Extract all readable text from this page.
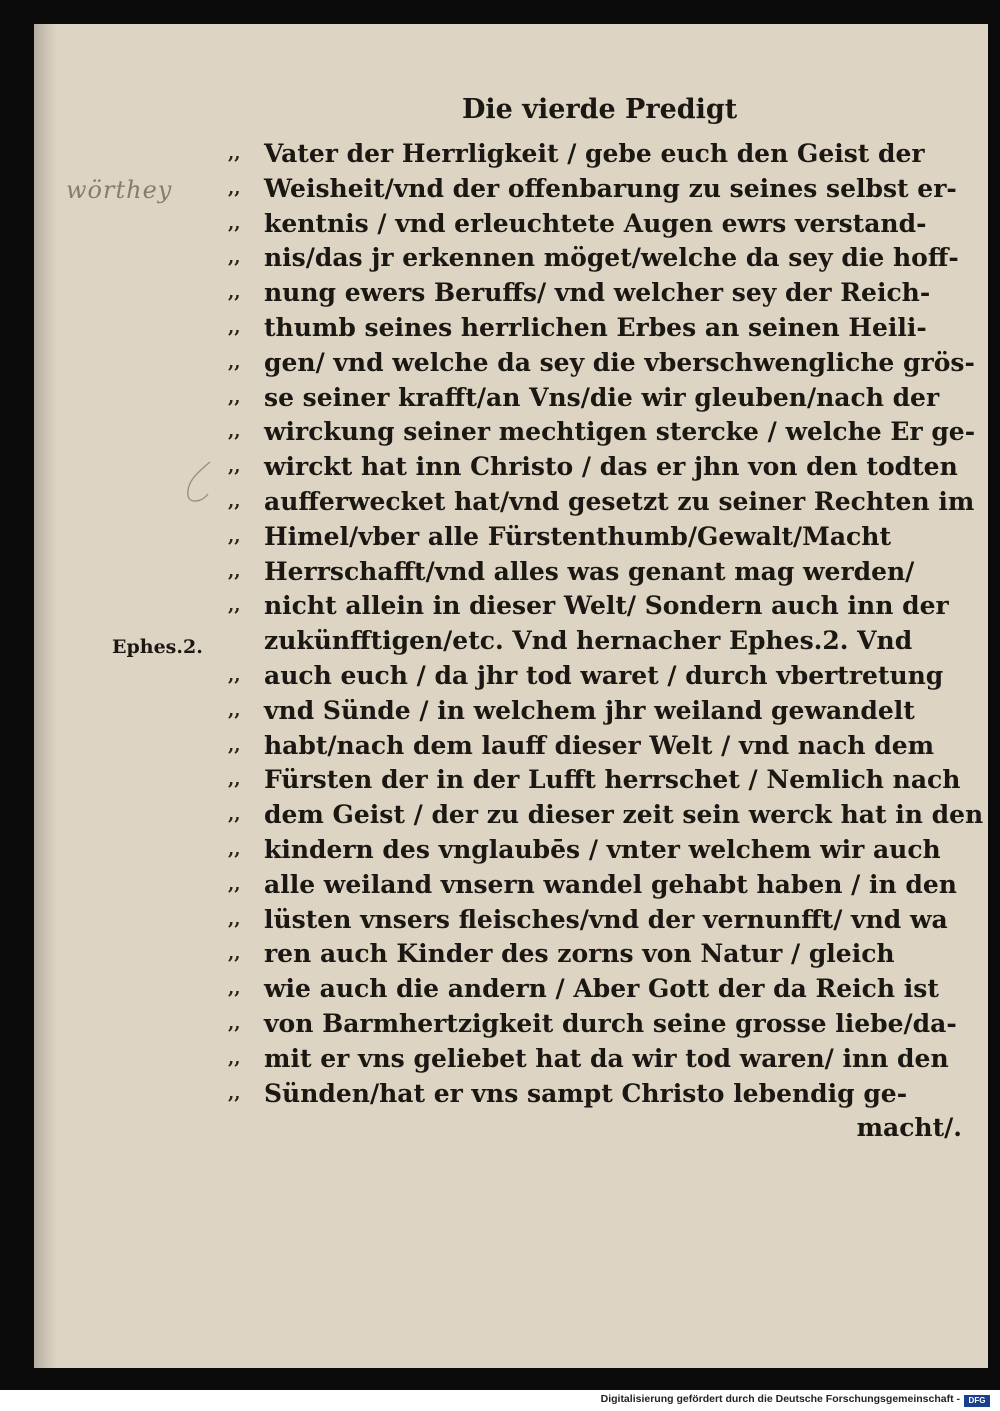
Die vierde Predigt
wörthey
Ephes.2.
,, Vater der Herrligkeit / gebe euch den Geist der
,, Weisheit/vnd der offenbarung zu seines selbst er-
,, kentnis / vnd erleuchtete Augen ewrs verstand-
,, nis/das jr erkennen möget/welche da sey die hoff-
,, nung ewers Beruffs/ vnd welcher sey der Reich-
,, thumb seines herrlichen Erbes an seinen Heili-
,, gen/ vnd welche da sey die vberschwengliche grös-
,, se seiner krafft/an Vns/die wir gleuben/nach der
,, wirckung seiner mechtigen stercke / welche Er ge-
,, wirckt hat inn Christo / das er jhn von den todten
,, aufferwecket hat/vnd gesetzt zu seiner Rechten im
,, Himel/vber alle Fürstenthumb/Gewalt/Macht
,, Herrschafft/vnd alles was genant mag werden/
,, nicht allein in dieser Welt/ Sondern auch inn der
zukünfftigen/etc. Vnd hernacher Ephes.2. Vnd
,, auch euch / da jhr tod waret / durch vbertretung
,, vnd Sünde / in welchem jhr weiland gewandelt
,, habt/nach dem lauff dieser Welt / vnd nach dem
,, Fürsten der in der Lufft herrschet / Nemlich nach
,, dem Geist / der zu dieser zeit sein werck hat in den
,, kindern des vnglaubēs / vnter welchem wir auch
,, alle weiland vnsern wandel gehabt haben / in den
,, lüsten vnsers fleisches/vnd der vernunfft/ vnd wa
,, ren auch Kinder des zorns von Natur / gleich
,, wie auch die andern / Aber Gott der da Reich ist
,, von Barmhertzigkeit durch seine grosse liebe/da-
,, mit er vns geliebet hat da wir tod waren/ inn den
,, Sünden/hat er vns sampt Christo lebendig ge-
macht/.
Digitalisierung gefördert durch die Deutsche Forschungsgemeinschaft -	DFG
